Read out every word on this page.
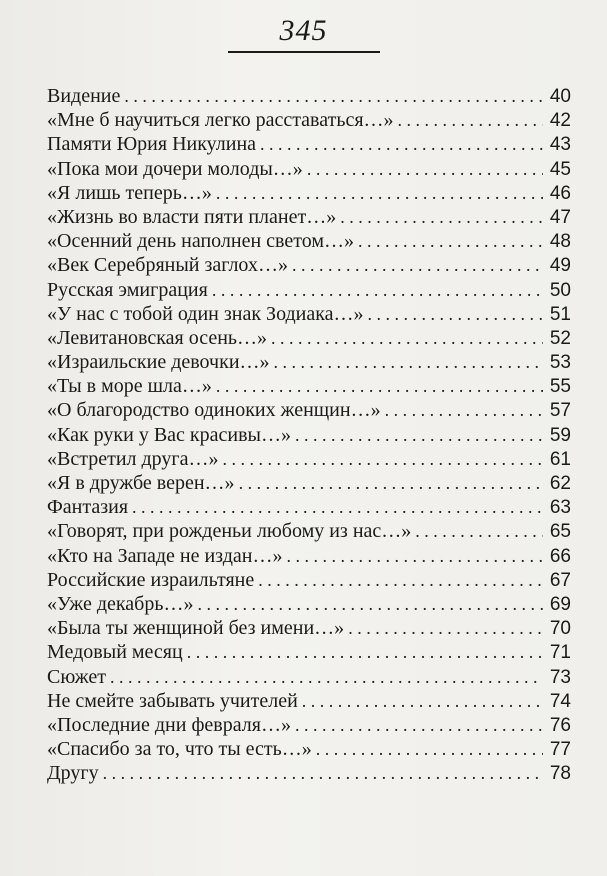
345
Видение . . .	40
«Мне б научиться легко расставаться…» . . .	42
Памяти Юрия Никулина . . .	43
«Пока мои дочери молоды…» . . .	45
«Я лишь теперь…» . . .	46
«Жизнь во власти пяти планет…» . . .	47
«Осенний день наполнен светом…» . . .	48
«Век Серебряный заглох…» . . .	49
Русская эмиграция . . .	50
«У нас с тобой один знак Зодиака…» . . .	51
«Левитановская осень…» . . .	52
«Израильские девочки…» . . .	53
«Ты в море шла…» . . .	55
«О благородство одиноких женщин…» . . .	57
«Как руки у Вас красивы…» . . .	59
«Встретил друга…» . . .	61
«Я в дружбе верен…» . . .	62
Фантазия . . .	63
«Говорят, при рожденьи любому из нас…» . . .	65
«Кто на Западе не издан…» . . .	66
Российские израильтяне . . .	67
«Уже декабрь…» . . .	69
«Была ты женщиной без имени…» . . .	70
Медовый месяц . . .	71
Сюжет . . .	73
Не смейте забывать учителей . . .	74
«Последние дни февраля…» . . .	76
«Спасибо за то, что ты есть…» . . .	77
Другу . . .	78
